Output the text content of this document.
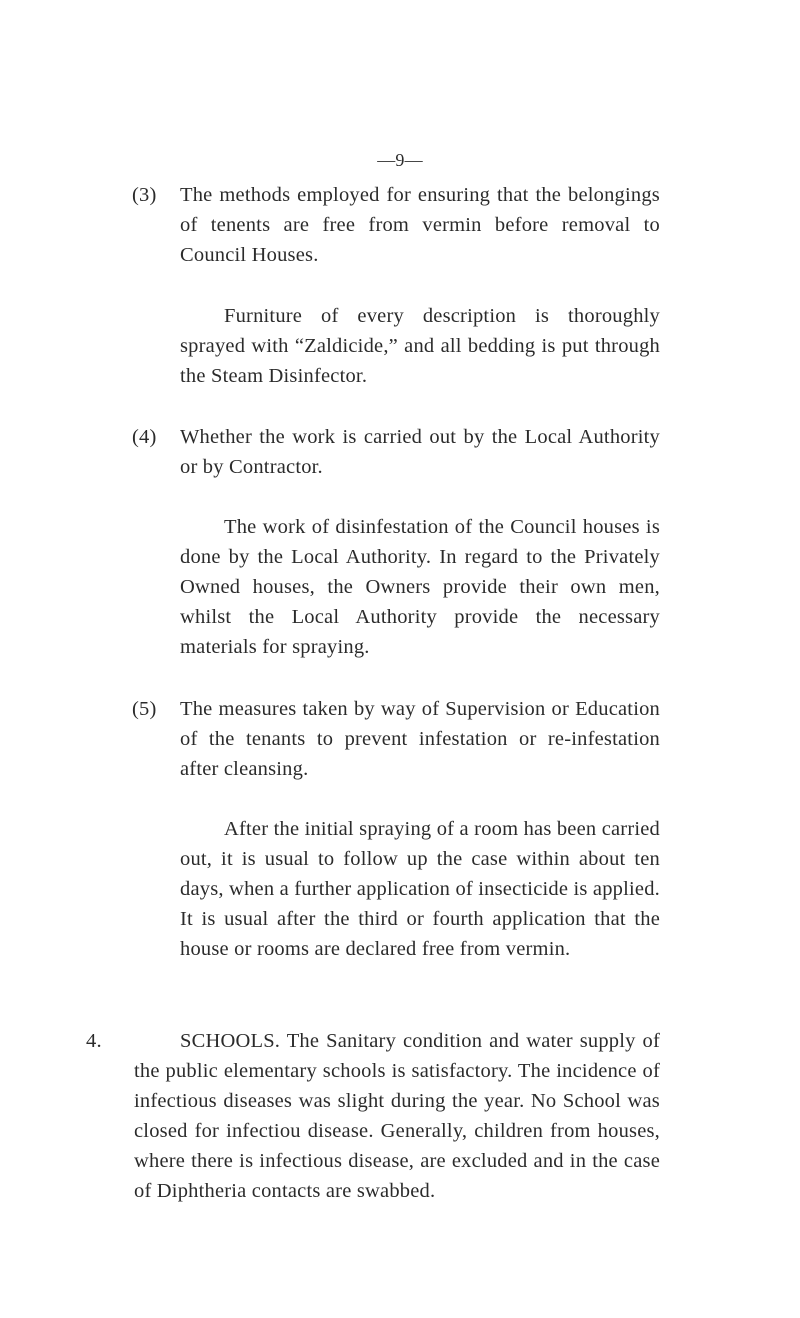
—9—
(3) The methods employed for ensuring that the belongings of tenents are free from vermin before removal to Council Houses.

Furniture of every description is thoroughly sprayed with “Zaldicide,” and all bedding is put through the Steam Disinfector.

(4) Whether the work is carried out by the Local Authority or by Contractor.

The work of disinfestation of the Council houses is done by the Local Authority. In regard to the Privately Owned houses, the Owners provide their own men, whilst the Local Authority provide the necessary materials for spraying.

(5) The measures taken by way of Supervision or Education of the tenants to prevent infestation or re-infestation after cleansing.

After the initial spraying of a room has been carried out, it is usual to follow up the case within about ten days, when a further application of insecticide is applied. It is usual after the third or fourth application that the house or rooms are declared free from vermin.

4.	SCHOOLS. The Sanitary condition and water supply of the public elementary schools is satisfactory. The incidence of infectious diseases was slight during the year. No School was closed for infectiou disease. Generally, children from houses, where there is infectious disease, are excluded and in the case of Diphtheria contacts are swabbed.
